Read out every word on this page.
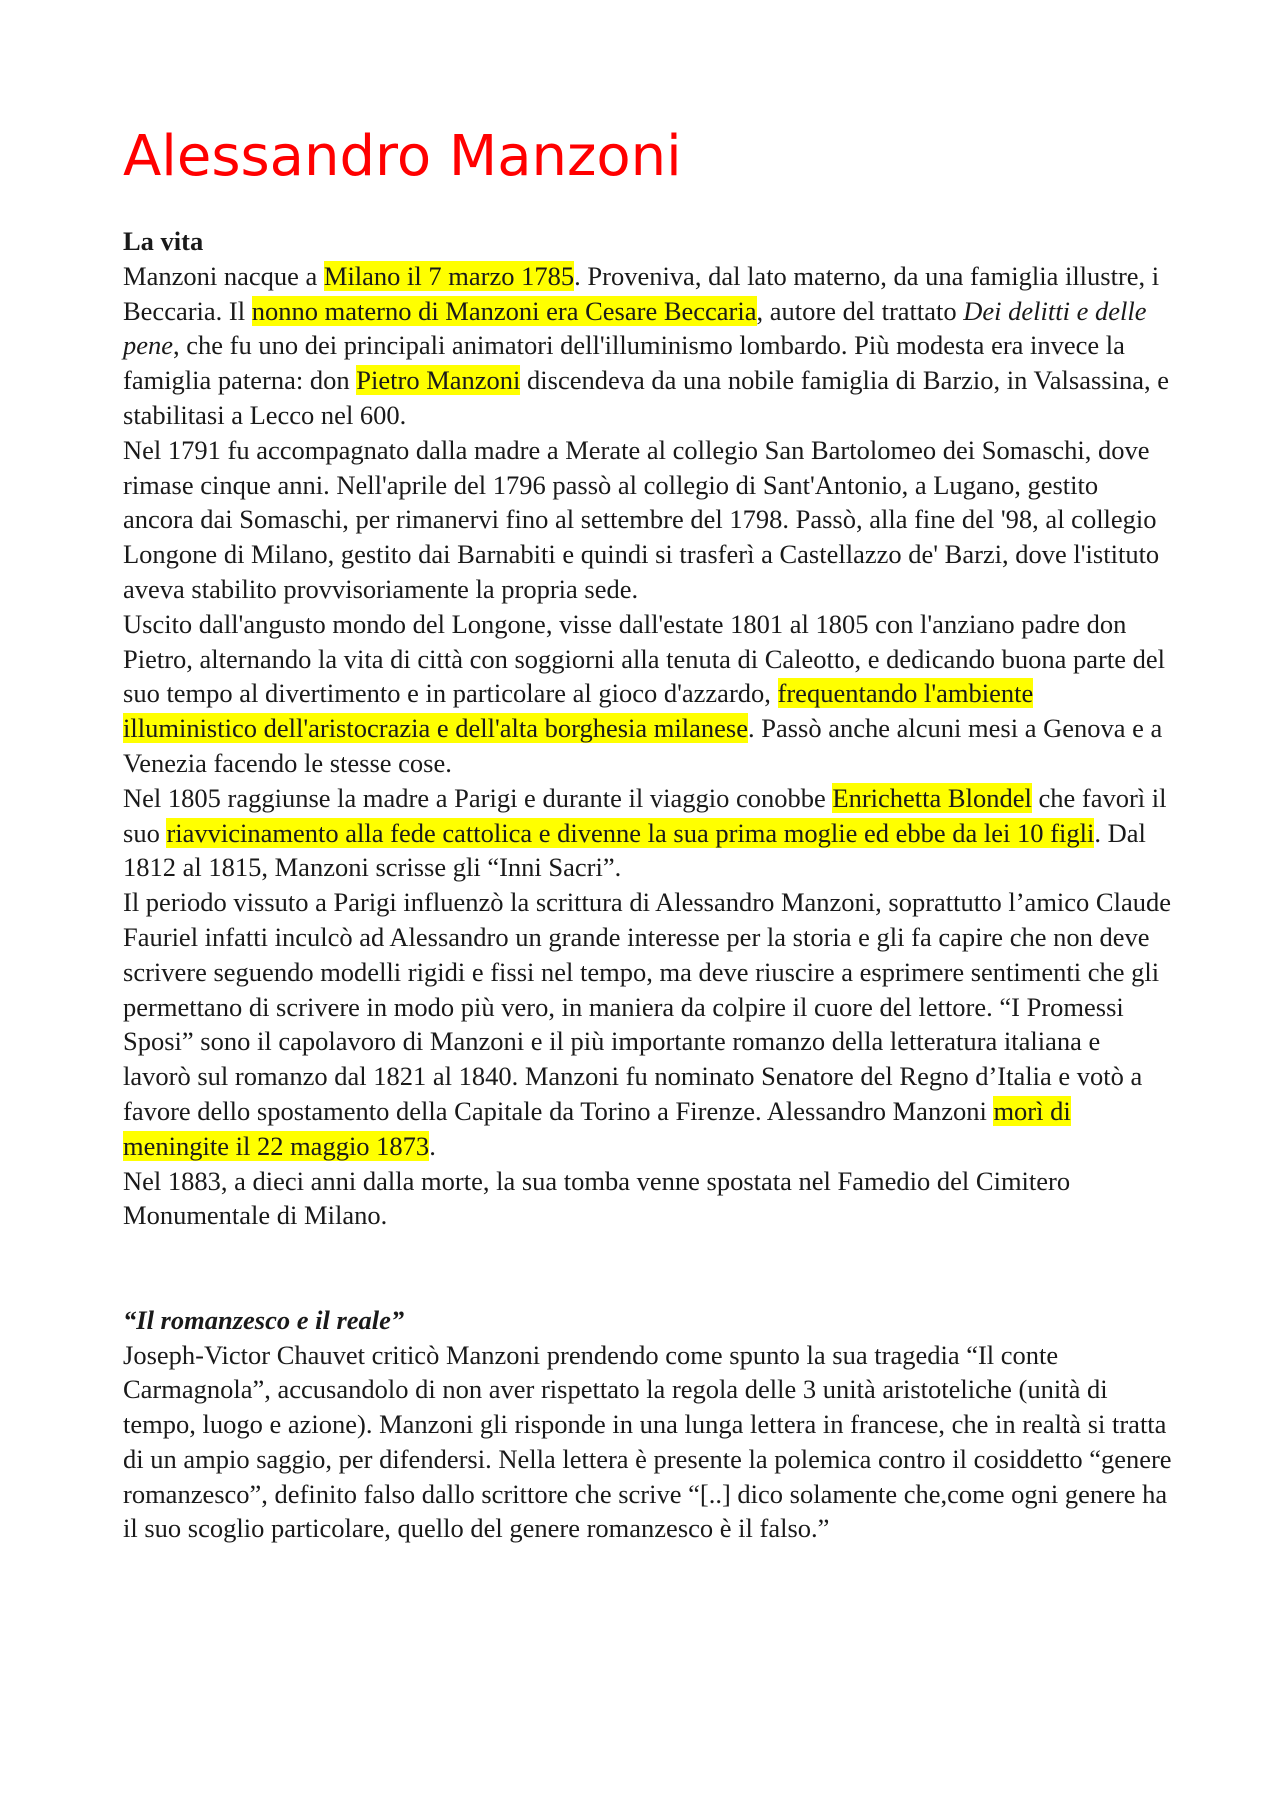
Alessandro Manzoni

La vita

Manzoni nacque a Milano il 7 marzo 1785. Proveniva, dal lato materno, da una famiglia illustre, i Beccaria. Il nonno materno di Manzoni era Cesare Beccaria, autore del trattato Dei delitti e delle pene, che fu uno dei principali animatori dell'illuminismo lombardo. Più modesta era invece la famiglia paterna: don Pietro Manzoni discendeva da una nobile famiglia di Barzio, in Valsassina, e stabilitasi a Lecco nel 600.

Nel 1791 fu accompagnato dalla madre a Merate al collegio San Bartolomeo dei Somaschi, dove rimase cinque anni. Nell'aprile del 1796 passò al collegio di Sant'Antonio, a Lugano, gestito ancora dai Somaschi, per rimanervi fino al settembre del 1798. Passò, alla fine del '98, al collegio Longone di Milano, gestito dai Barnabiti e quindi si trasferì a Castellazzo de' Barzi, dove l'istituto aveva stabilito provvisoriamente la propria sede.

Uscito dall'angusto mondo del Longone, visse dall'estate 1801 al 1805 con l'anziano padre don Pietro, alternando la vita di città con soggiorni alla tenuta di Caleotto, e dedicando buona parte del suo tempo al divertimento e in particolare al gioco d'azzardo, frequentando l'ambiente illuministico dell'aristocrazia e dell'alta borghesia milanese. Passò anche alcuni mesi a Genova e a Venezia facendo le stesse cose.

Nel 1805 raggiunse la madre a Parigi e durante il viaggio conobbe Enrichetta Blondel che favorì il suo riavvicinamento alla fede cattolica e divenne la sua prima moglie ed ebbe da lei 10 figli. Dal 1812 al 1815, Manzoni scrisse gli “Inni Sacri”.

Il periodo vissuto a Parigi influenzò la scrittura di Alessandro Manzoni, soprattutto l’amico Claude Fauriel infatti inculcò ad Alessandro un grande interesse per la storia e gli fa capire che non deve scrivere seguendo modelli rigidi e fissi nel tempo, ma deve riuscire a esprimere sentimenti che gli permettano di scrivere in modo più vero, in maniera da colpire il cuore del lettore. “I Promessi Sposi” sono il capolavoro di Manzoni e il più importante romanzo della letteratura italiana e lavorò sul romanzo dal 1821 al 1840. Manzoni fu nominato Senatore del Regno d’Italia e votò a favore dello spostamento della Capitale da Torino a Firenze. Alessandro Manzoni morì di meningite il 22 maggio 1873.

Nel 1883, a dieci anni dalla morte, la sua tomba venne spostata nel Famedio del Cimitero Monumentale di Milano.

“Il romanzesco e il reale”

Joseph-Victor Chauvet criticò Manzoni prendendo come spunto la sua tragedia “Il conte Carmagnola”, accusandolo di non aver rispettato la regola delle 3 unità aristoteliche (unità di tempo, luogo e azione). Manzoni gli risponde in una lunga lettera in francese, che in realtà si tratta di un ampio saggio, per difendersi. Nella lettera è presente la polemica contro il cosiddetto “genere romanzesco”, definito falso dallo scrittore che scrive “[..] dico solamente che,come ogni genere ha il suo scoglio particolare, quello del genere romanzesco è il falso.”
